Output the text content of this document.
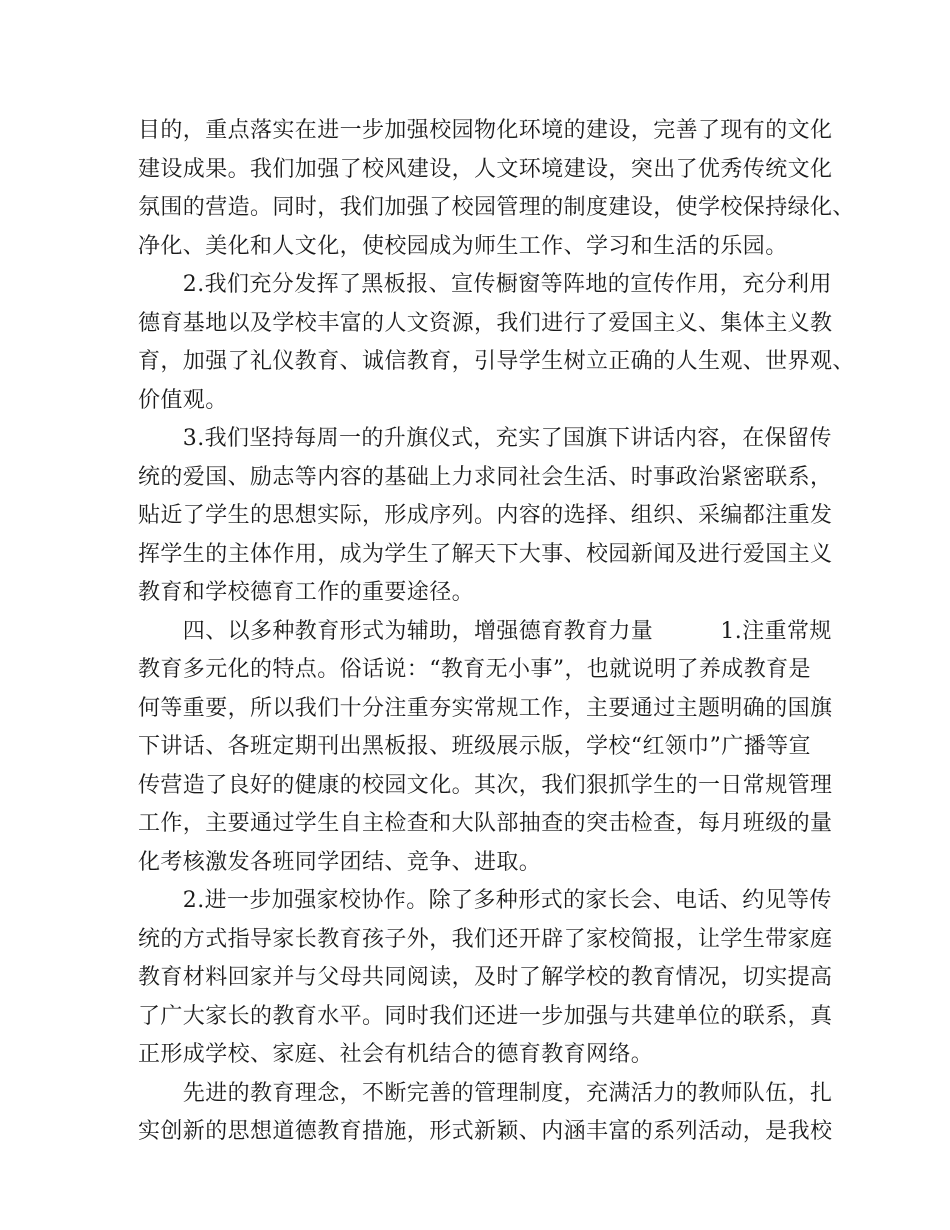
目的，重点落实在进一步加强校园物化环境的建设，完善了现有的文化
建设成果。我们加强了校风建设，人文环境建设，突出了优秀传统文化
氛围的营造。同时，我们加强了校园管理的制度建设，使学校保持绿化、
净化、美化和人文化，使校园成为师生工作、学习和生活的乐园。
　　2.我们充分发挥了黑板报、宣传橱窗等阵地的宣传作用，充分利用
德育基地以及学校丰富的人文资源，我们进行了爱国主义、集体主义教
育，加强了礼仪教育、诚信教育，引导学生树立正确的人生观、世界观、
价值观。
　　3.我们坚持每周一的升旗仪式，充实了国旗下讲话内容，在保留传
统的爱国、励志等内容的基础上力求同社会生活、时事政治紧密联系，
贴近了学生的思想实际，形成序列。内容的选择、组织、采编都注重发
挥学生的主体作用，成为学生了解天下大事、校园新闻及进行爱国主义
教育和学校德育工作的重要途径。
　　四、以多种教育形式为辅助，增强德育教育力量　　　1.注重常规
教育多元化的特点。俗话说：“教育无小事”，也就说明了养成教育是
何等重要，所以我们十分注重夯实常规工作，主要通过主题明确的国旗
下讲话、各班定期刊出黑板报、班级展示版，学校“红领巾”广播等宣
传营造了良好的健康的校园文化。其次，我们狠抓学生的一日常规管理
工作，主要通过学生自主检查和大队部抽查的突击检查，每月班级的量
化考核激发各班同学团结、竞争、进取。
　　2.进一步加强家校协作。除了多种形式的家长会、电话、约见等传
统的方式指导家长教育孩子外，我们还开辟了家校简报，让学生带家庭
教育材料回家并与父母共同阅读，及时了解学校的教育情况，切实提高
了广大家长的教育水平。同时我们还进一步加强与共建单位的联系，真
正形成学校、家庭、社会有机结合的德育教育网络。
　　先进的教育理念，不断完善的管理制度，充满活力的教师队伍，扎
实创新的思想道德教育措施，形式新颖、内涵丰富的系列活动，是我校
